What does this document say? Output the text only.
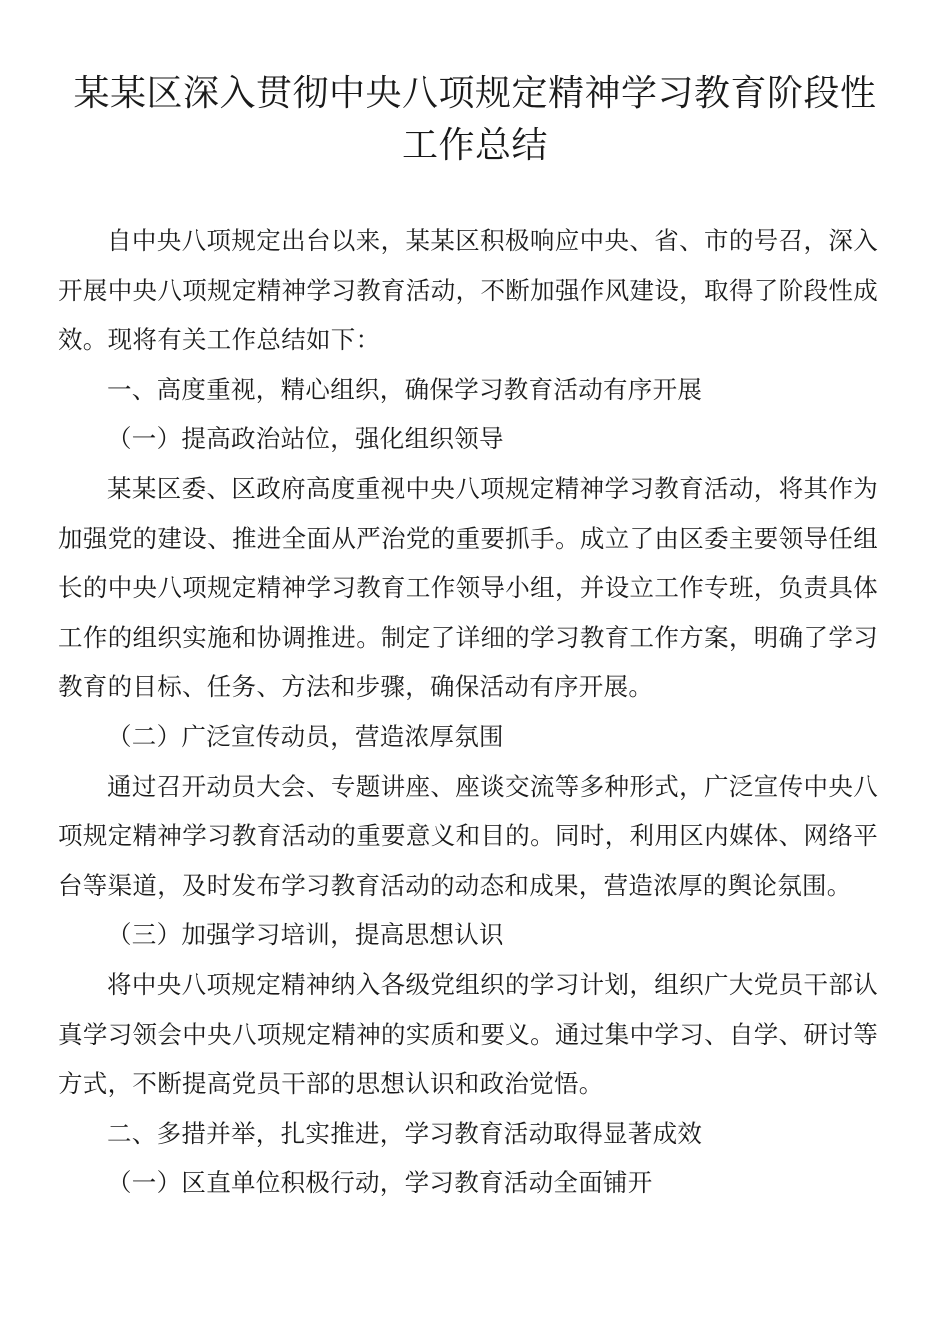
某某区深入贯彻中央八项规定精神学习教育阶段性工作总结

自中央八项规定出台以来，某某区积极响应中央、省、市的号召，深入开展中央八项规定精神学习教育活动，不断加强作风建设，取得了阶段性成效。现将有关工作总结如下：

一、高度重视，精心组织，确保学习教育活动有序开展

（一）提高政治站位，强化组织领导

某某区委、区政府高度重视中央八项规定精神学习教育活动，将其作为加强党的建设、推进全面从严治党的重要抓手。成立了由区委主要领导任组长的中央八项规定精神学习教育工作领导小组，并设立工作专班，负责具体工作的组织实施和协调推进。制定了详细的学习教育工作方案，明确了学习教育的目标、任务、方法和步骤，确保活动有序开展。

（二）广泛宣传动员，营造浓厚氛围

通过召开动员大会、专题讲座、座谈交流等多种形式，广泛宣传中央八项规定精神学习教育活动的重要意义和目的。同时，利用区内媒体、网络平台等渠道，及时发布学习教育活动的动态和成果，营造浓厚的舆论氛围。

（三）加强学习培训，提高思想认识

将中央八项规定精神纳入各级党组织的学习计划，组织广大党员干部认真学习领会中央八项规定精神的实质和要义。通过集中学习、自学、研讨等方式，不断提高党员干部的思想认识和政治觉悟。

二、多措并举，扎实推进，学习教育活动取得显著成效

（一）区直单位积极行动，学习教育活动全面铺开
